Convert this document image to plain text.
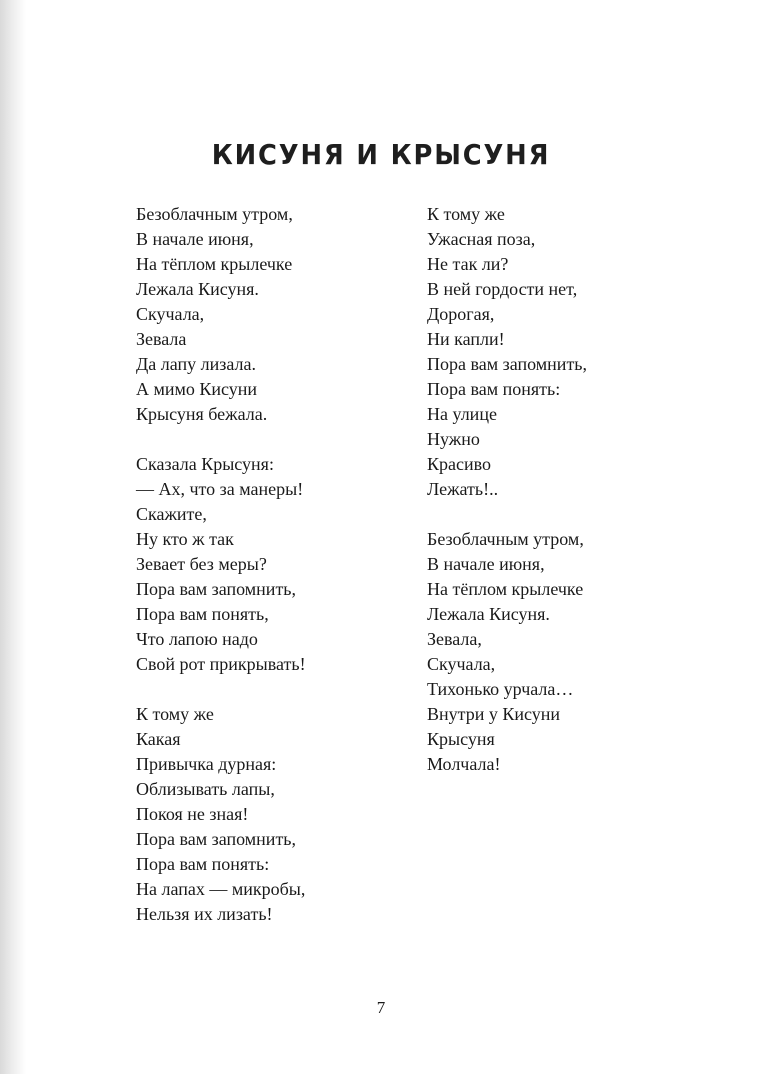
КИСУНЯ И КРЫСУНЯ
Безоблачным утром,
В начале июня,
На тёплом крылечке
Лежала Кисуня.
Скучала,
Зевала
Да лапу лизала.
А мимо Кисуни
Крысуня бежала.
Сказала Крысуня:
— Ах, что за манеры!
Скажите,
Ну кто ж так
Зевает без меры?
Пора вам запомнить,
Пора вам понять,
Что лапою надо
Свой рот прикрывать!
К тому же
Какая
Привычка дурная:
Облизывать лапы,
Покоя не зная!
Пора вам запомнить,
Пора вам понять:
На лапах — микробы,
Нельзя их лизать!
К тому же
Ужасная поза,
Не так ли?
В ней гордости нет,
Дорогая,
Ни капли!
Пора вам запомнить,
Пора вам понять:
На улице
Нужно
Красиво
Лежать!..
Безоблачным утром,
В начале июня,
На тёплом крылечке
Лежала Кисуня.
Зевала,
Скучала,
Тихонько урчала…
Внутри у Кисуни
Крысуня
Молчала!
7
